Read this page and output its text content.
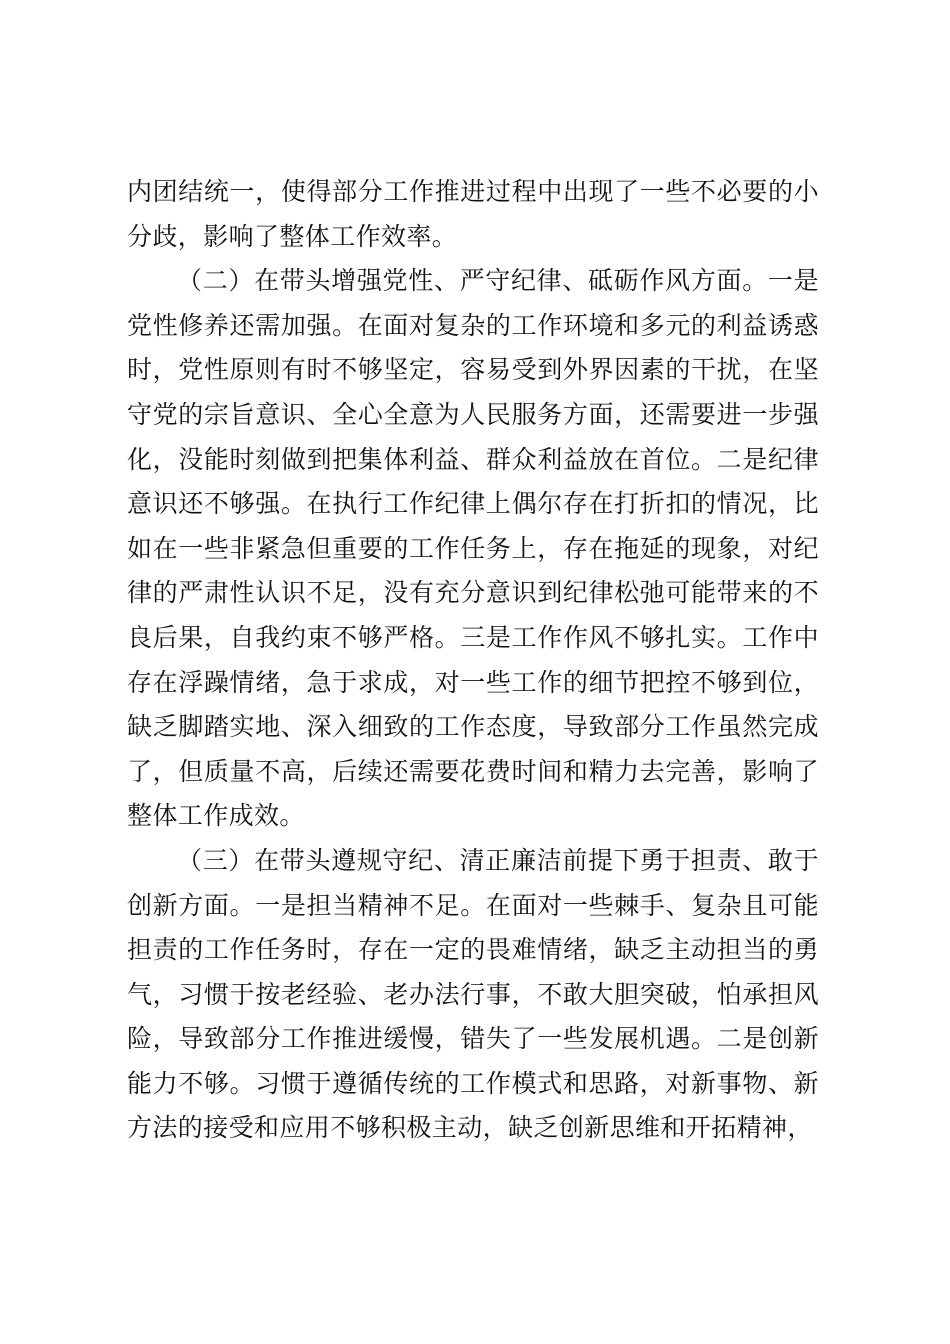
内团结统一，使得部分工作推进过程中出现了一些不必要的小分歧，影响了整体工作效率。

（二）在带头增强党性、严守纪律、砥砺作风方面。一是党性修养还需加强。在面对复杂的工作环境和多元的利益诱惑时，党性原则有时不够坚定，容易受到外界因素的干扰，在坚守党的宗旨意识、全心全意为人民服务方面，还需要进一步强化，没能时刻做到把集体利益、群众利益放在首位。二是纪律意识还不够强。在执行工作纪律上偶尔存在打折扣的情况，比如在一些非紧急但重要的工作任务上，存在拖延的现象，对纪律的严肃性认识不足，没有充分意识到纪律松弛可能带来的不良后果，自我约束不够严格。三是工作作风不够扎实。工作中存在浮躁情绪，急于求成，对一些工作的细节把控不够到位，缺乏脚踏实地、深入细致的工作态度，导致部分工作虽然完成了，但质量不高，后续还需要花费时间和精力去完善，影响了整体工作成效。

（三）在带头遵规守纪、清正廉洁前提下勇于担责、敢于创新方面。一是担当精神不足。在面对一些棘手、复杂且可能担责的工作任务时，存在一定的畏难情绪，缺乏主动担当的勇气，习惯于按老经验、老办法行事，不敢大胆突破，怕承担风险，导致部分工作推进缓慢，错失了一些发展机遇。二是创新能力不够。习惯于遵循传统的工作模式和思路，对新事物、新方法的接受和应用不够积极主动，缺乏创新思维和开拓精神，
